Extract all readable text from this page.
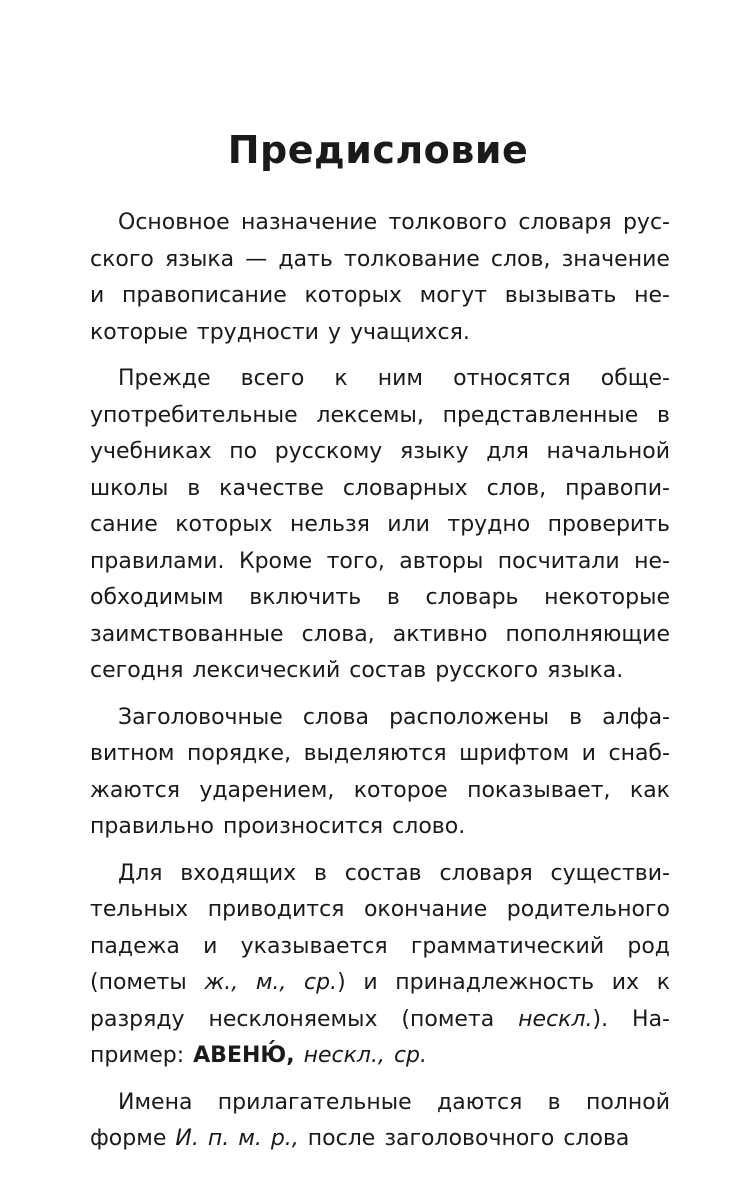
Предисловие
Основное назначение толкового словаря рус-
ского языка — дать толкование слов, значение
и правописание которых могут вызывать не-
которые трудности у учащихся.
Прежде всего к ним относятся обще-
употребительные лексемы, представленные в
учебниках по русскому языку для начальной
школы в качестве словарных слов, правопи-
сание которых нельзя или трудно проверить
правилами. Кроме того, авторы посчитали не-
обходимым включить в словарь некоторые
заимствованные слова, активно пополняющие
сегодня лексический состав русского языка.
Заголовочные слова расположены в алфа-
витном порядке, выделяются шрифтом и снаб-
жаются ударением, которое показывает, как
правильно произносится слово.
Для входящих в состав словаря существи-
тельных приводится окончание родительного
падежа и указывается грамматический род
(пометы ж., м., ср.) и принадлежность их к
разряду несклоняемых (помета нескл.). На-
пример: АВЕНЮ́, нескл., ср.
Имена прилагательные даются в полной
форме И. п. м. р., после заголовочного слова
